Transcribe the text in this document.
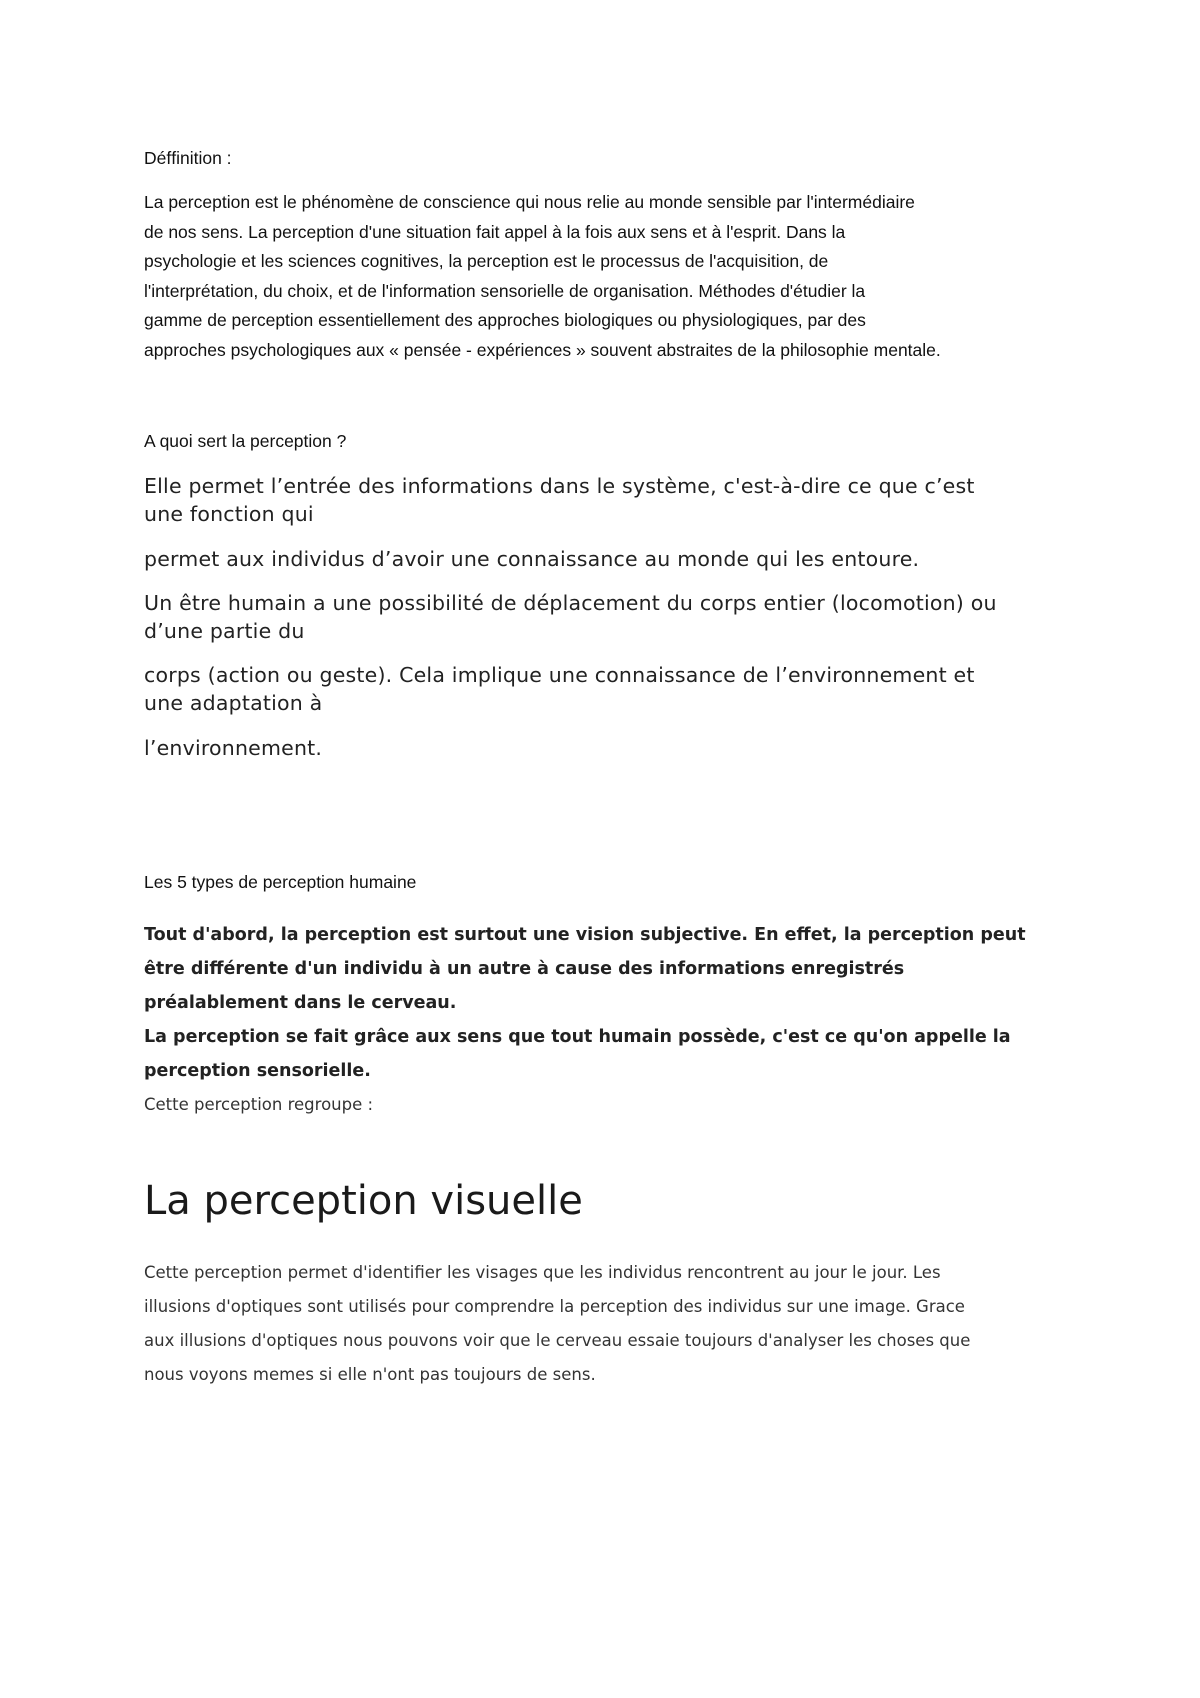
Défﬁnition :
La perception est le phénomène de conscience qui nous relie au monde sensible par l'intermédiaire
de nos sens. La perception d'une situation fait appel à la fois aux sens et à l'esprit. Dans la
psychologie et les sciences cognitives, la perception est le processus de l'acquisition, de
l'interprétation, du choix, et de l'information sensorielle de organisation. Méthodes d'étudier la
gamme de perception essentiellement des approches biologiques ou physiologiques, par des
approches psychologiques aux « pensée - expériences » souvent abstraites de la philosophie mentale.
A quoi sert la perception ?
Elle permet l’entrée des informations dans le système, c'est-à-dire ce que c’est
une fonction qui
permet aux individus d’avoir une connaissance au monde qui les entoure.
Un être humain a une possibilité de déplacement du corps entier (locomotion) ou
d’une partie du
corps (action ou geste). Cela implique une connaissance de l’environnement et
une adaptation à
l’environnement.
Les 5 types de perception humaine
Tout d'abord, la perception est surtout une vision subjective. En effet, la perception peut
être différente d'un individu à un autre à cause des informations enregistrés
préalablement dans le cerveau.
La perception se fait grâce aux sens que tout humain possède, c'est ce qu'on appelle la
perception sensorielle.
Cette perception regroupe :
La perception visuelle
Cette perception permet d'identifier les visages que les individus rencontrent au jour le jour. Les
illusions d'optiques sont utilisés pour comprendre la perception des individus sur une image. Grace
aux illusions d'optiques nous pouvons voir que le cerveau essaie toujours d'analyser les choses que
nous voyons memes si elle n'ont pas toujours de sens.
